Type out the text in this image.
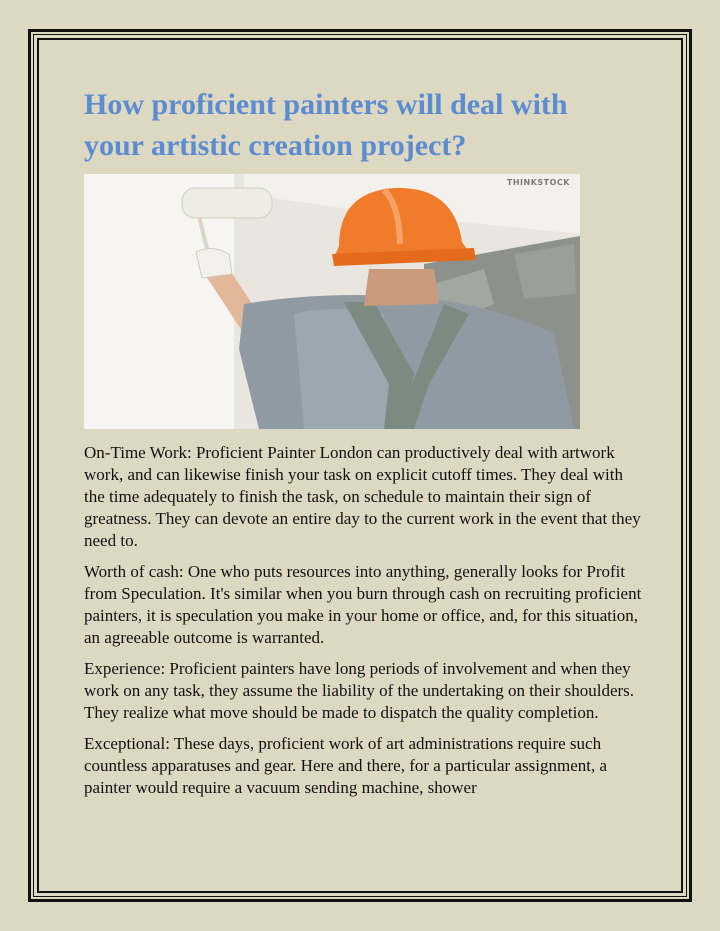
How proficient painters will deal with
your artistic creation project?
THINKSTOCK

On-Time Work: Proficient Painter London can productively deal with artwork work, and can likewise finish your task on explicit cutoff times. They deal with the time adequately to finish the task, on schedule to maintain their sign of greatness. They can devote an entire day to the current work in the event that they need to.

Worth of cash: One who puts resources into anything, generally looks for Profit from Speculation. It's similar when you burn through cash on recruiting proficient painters, it is speculation you make in your home or office, and, for this situation, an agreeable outcome is warranted.

Experience: Proficient painters have long periods of involvement and when they work on any task, they assume the liability of the undertaking on their shoulders. They realize what move should be made to dispatch the quality completion.

Exceptional: These days, proficient work of art administrations require such countless apparatuses and gear. Here and there, for a particular assignment, a painter would require a vacuum sending machine, shower
